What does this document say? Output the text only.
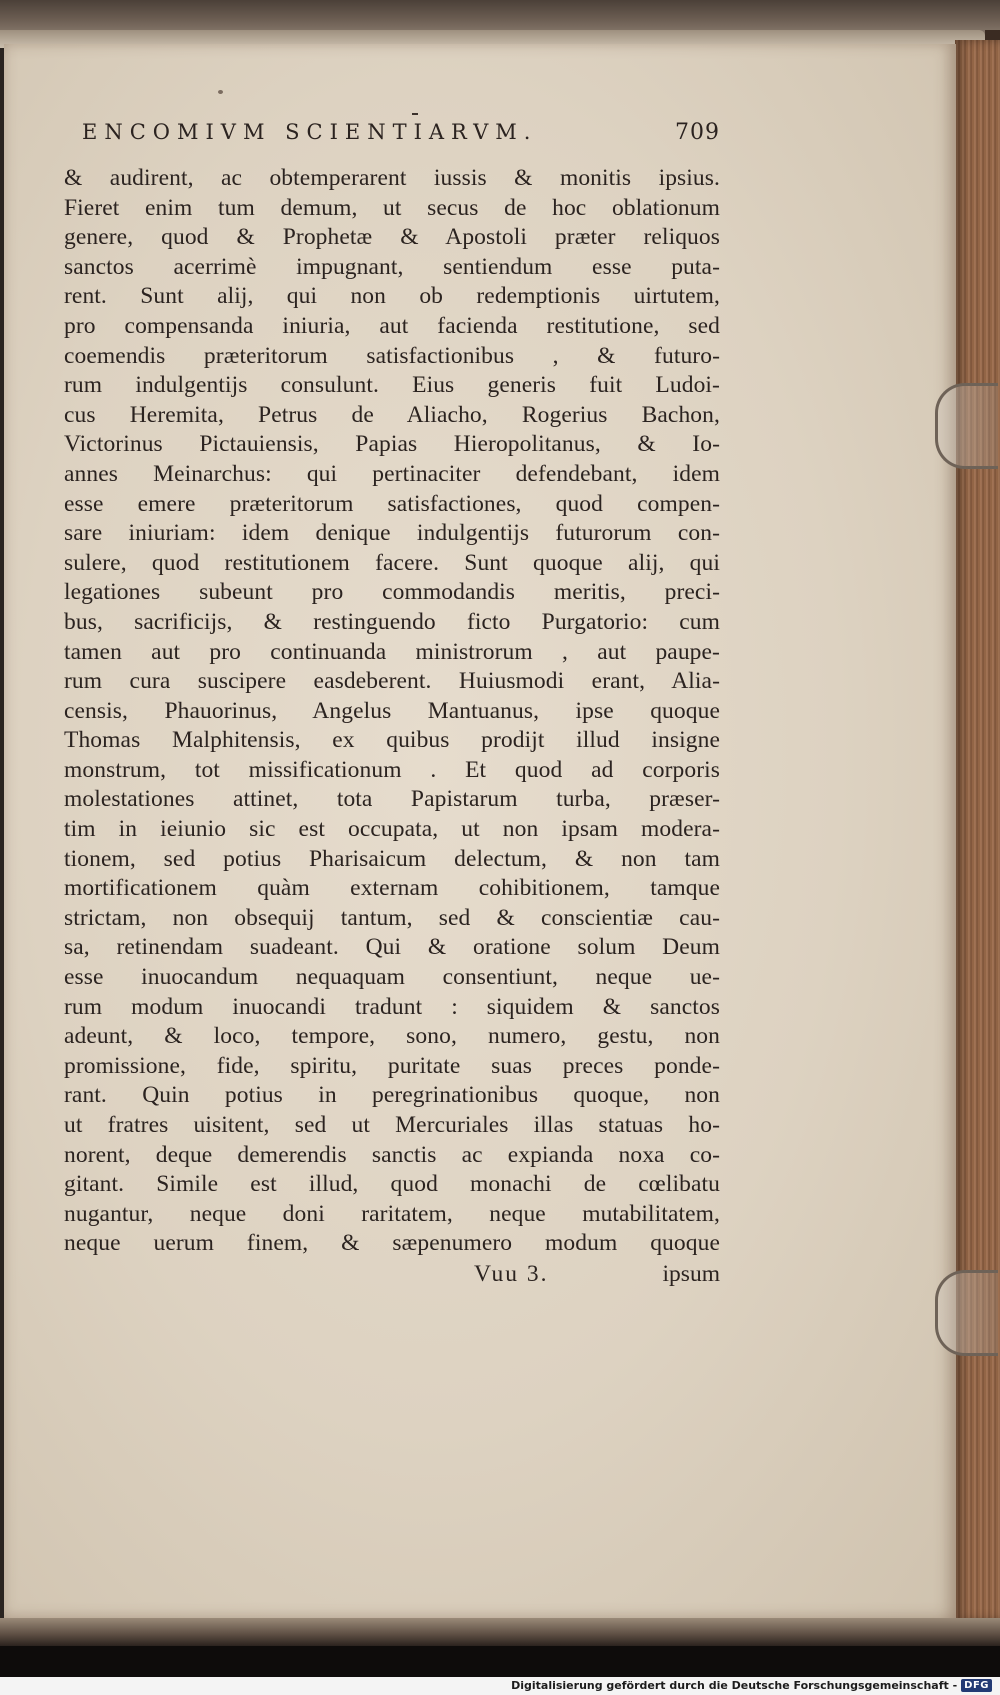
ENCOMIVM SCIENTIARVM.	709
& audirent, ac obtemperarent iussis & monitis ipsius.
Fieret enim tum demum, ut secus de hoc oblationum
genere, quod & Prophetæ & Apostoli præter reliquos
sanctos acerrimè impugnant, sentiendum esse puta-
rent. Sunt alij, qui non ob redemptionis uirtutem,
pro compensanda iniuria, aut facienda restitutione, sed
coemendis præteritorum satisfactionibus , & futuro-
rum indulgentijs consulunt. Eius generis fuit Ludoi-
cus Heremita, Petrus de Aliacho, Rogerius Bachon,
Victorinus Pictauiensis, Papias Hieropolitanus, & Io-
annes Meinarchus: qui pertinaciter defendebant, idem
esse emere præteritorum satisfactiones, quod compen-
sare iniuriam: idem denique indulgentijs futurorum con-
sulere, quod restitutionem facere. Sunt quoque alij, qui
legationes subeunt pro commodandis meritis, preci-
bus, sacrificijs, & restinguendo ficto Purgatorio: cum
tamen aut pro continuanda ministrorum , aut paupe-
rum cura suscipere easdeberent. Huiusmodi erant, Alia-
censis, Phauorinus, Angelus Mantuanus, ipse quoque
Thomas Malphitensis, ex quibus prodijt illud insigne
monstrum, tot missificationum . Et quod ad corporis
molestationes attinet, tota Papistarum turba, præser-
tim in ieiunio sic est occupata, ut non ipsam modera-
tionem, sed potius Pharisaicum delectum, & non tam
mortificationem quàm externam cohibitionem, tamque
strictam, non obsequij tantum, sed & conscientiæ cau-
sa, retinendam suadeant. Qui & oratione solum Deum
esse inuocandum nequaquam consentiunt, neque ue-
rum modum inuocandi tradunt : siquidem & sanctos
adeunt, & loco, tempore, sono, numero, gestu, non
promissione, fide, spiritu, puritate suas preces ponde-
rant. Quin potius in peregrinationibus quoque, non
ut fratres uisitent, sed ut Mercuriales illas statuas ho-
norent, deque demerendis sanctis ac expianda noxa co-
gitant. Simile est illud, quod monachi de cœlibatu
nugantur, neque doni raritatem, neque mutabilitatem,
neque uerum finem, & sæpenumero modum quoque
Vuu 3.	ipsum
Digitalisierung gefördert durch die Deutsche Forschungsgemeinschaft - DFG
